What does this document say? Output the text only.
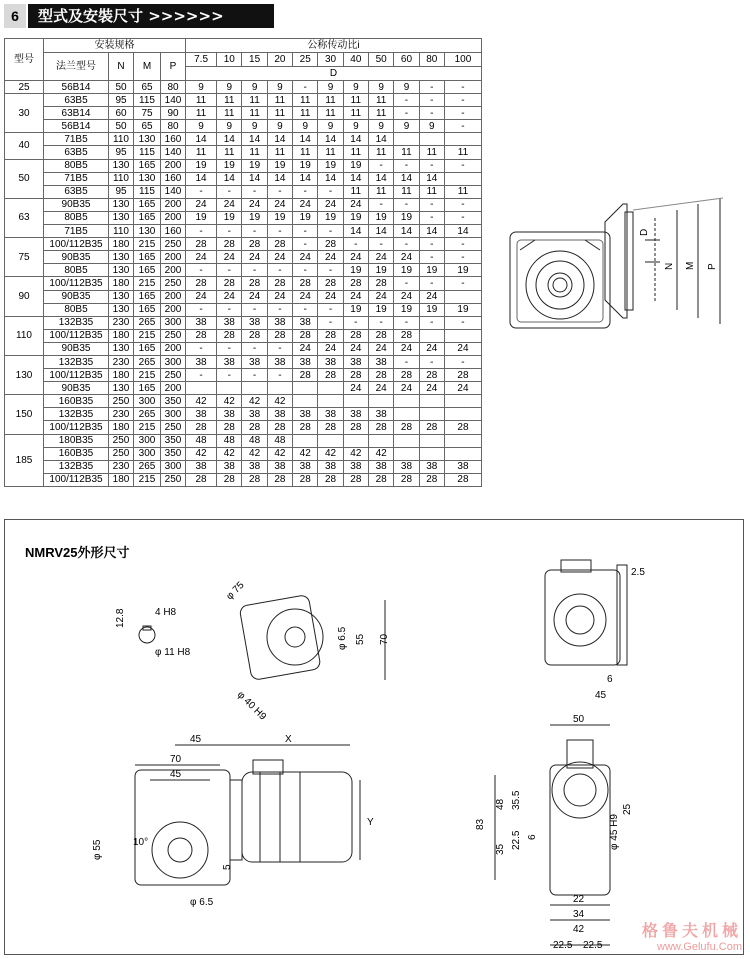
6	型式及安裝尺寸 >>>>>>
型号	安装规格				公称传动比i										
	法兰型号	N	M	P	7.5	10	15	20	25	30	40	50	60	80	100
					D										
25	56B14	50	65	80	9	9	9	9	-	9	9	9	9	-	-
30	63B5	95	115	140	11	11	11	11	11	11	11	11	-	-	-
	63B14	60	75	90	11	11	11	11	11	11	11	11	-	-	-
	56B14	50	65	80	9	9	9	9	9	9	9	9	9	9	-
40	71B5	110	130	160	14	14	14	14	14	14	14	14			
	63B5	95	115	140	11	11	11	11	11	11	11	11	11	11	11
50	80B5	130	165	200	19	19	19	19	19	19	19	-	-	-	-
	71B5	110	130	160	14	14	14	14	14	14	14	14	14	14	
	63B5	95	115	140	-	-	-	-	-	-	11	11	11	11	11
63	90B35	130	165	200	24	24	24	24	24	24	24	-	-	-	-
	80B5	130	165	200	19	19	19	19	19	19	19	19	19	-	-
	71B5	110	130	160	-	-	-	-	-	-	14	14	14	14	14
75	100/112B35	180	215	250	28	28	28	28	-	28	-	-	-	-	-
	90B35	130	165	200	24	24	24	24	24	24	24	24	24	-	-
	80B5	130	165	200	-	-	-	-	-	-	19	19	19	19	19
90	100/112B35	180	215	250	28	28	28	28	28	28	28	28	-	-	-
	90B35	130	165	200	24	24	24	24	24	24	24	24	24	24	
	80B5	130	165	200	-	-	-	-	-	-	19	19	19	19	19
110	132B35	230	265	300	38	38	38	38	38	-	-	-	-	-	-
	100/112B35	180	215	250	28	28	28	28	28	28	28	28	28		
	90B35	130	165	200	-	-	-	-	24	24	24	24	24	24	24
130	132B35	230	265	300	38	38	38	38	38	38	38	38	-	-	-
	100/112B35	180	215	250	-	-	-	-	28	28	28	28	28	28	28
	90B35	130	165	200							24	24	24	24	24
150	160B35	250	300	350	42	42	42	42							
	132B35	230	265	300	38	38	38	38	38	38	38	38			
	100/112B35	180	215	250	28	28	28	28	28	28	28	28	28	28	28
185	180B35	250	300	350	48	48	48	48							
	160B35	250	300	350	42	42	42	42	42	42	42	42			
	132B35	230	265	300	38	38	38	38	38	38	38	38	38	38	38
	100/112B35	180	215	250	28	28	28	28	28	28	28	28	28	28	28
D
N M P
NMRV25外形尺寸
12.8	4 H8
φ 11 H8
φ 75
φ 6.5 55 70
φ 40 H9
2.5
6
45
45	X
70
45
Y
φ 55	10°
5
φ 6.5
50
83
48 35.5	25
22.5
35
6	φ 45 H9
22
34
42
22.5 22.5
格鲁夫机械
www.Gelufu.Com
